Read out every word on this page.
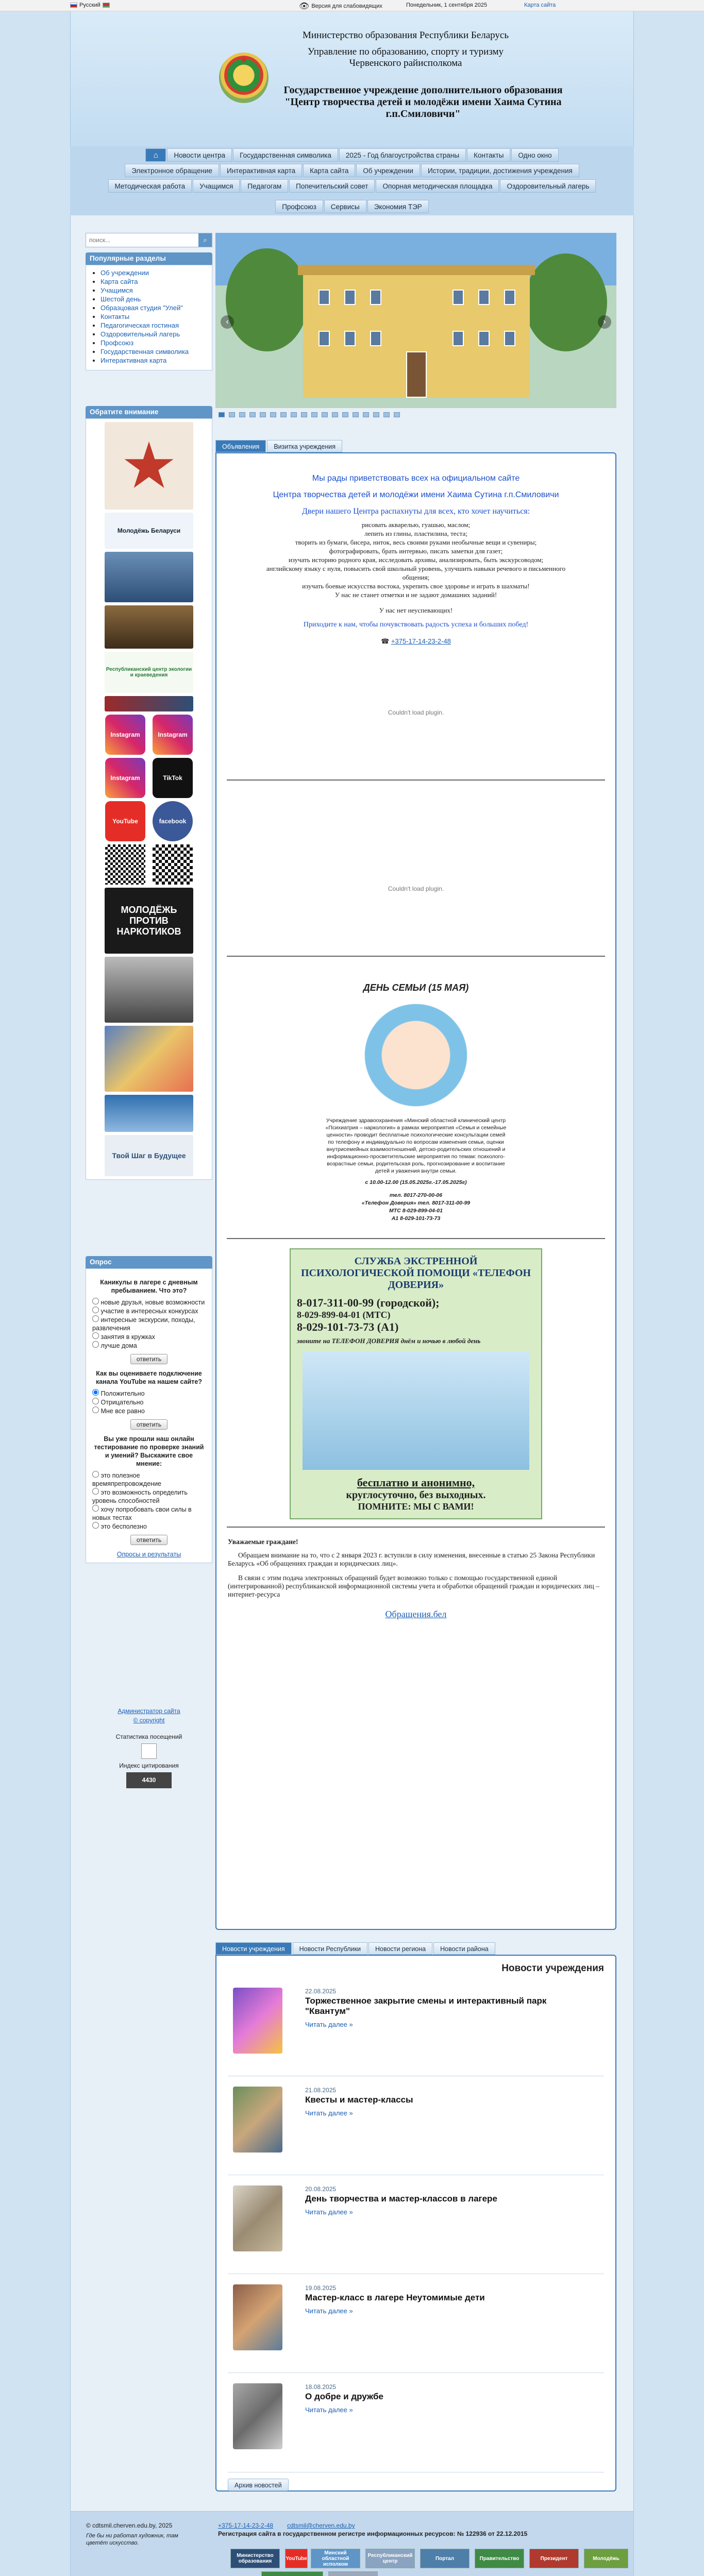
Русский	👁 Версия для слабовидящих	Понедельник, 1 сентября 2025	Карта сайта
★
Министерство образования Республики Беларусь
Управление по образованию, спорту и туризму Червенского райисполкома
Государственное учреждение дополнительного образования "Центр творчества детей и молодёжи имени Хаима Сутина г.п.Смиловичи"
⌂	Новости центра	Государственная символика	2025 - Год благоустройства страны	Контакты	Одно окно
Электронное обращение	Интерактивная карта	Карта сайта	Об учреждении	Истории, традиции, достижения учреждения
Методическая работа	Учащимся	Педагогам	Попечительский совет	Опорная методическая площадка	Оздоровительный лагерь
Профсоюз	Сервисы	Экономия ТЭР
поиск...
⌕
Популярные разделы
• Об учреждении
• Карта сайта
• Учащимся
• Шестой день
• Образцовая студия "Улей"
• Контакты
• Педагогическая гостиная
• Оздоровительный лагерь
• Профсоюз
• Государственная символика
• Интерактивная карта
Обратите внимание
★
Молодёжь Беларуси
Республиканский центр экологии и краеведения
Instagram	Instagram
Instagram	TikTok
YouTube	facebook
МОЛОДЁЖЬ ПРОТИВ НАРКОТИКОВ
Твой Шаг в Будущее
Опрос
Каникулы в лагере с дневным пребыванием. Что это?
новые друзья, новые возможности
участие в интересных конкурсах
интересные экскурсии, походы, развлечения
занятия в кружках
лучше дома
ответить
Как вы оцениваете подключение канала YouTube на нашем сайте?
Положительно
Отрицательно
Мне все равно
ответить
Вы уже прошли наш онлайн тестирование по проверке знаний и умений? Выскажите свое мнение:
это полезное времяпрепровождение
это возможность определить уровень способностей
хочу попробовать свои силы в новых тестах
это бесполезно
ответить
Опросы и результаты
Администратор сайта
© copyright
Статистика посещений
Индекс цитирования
4430
‹	›
Объявления	Визитка учреждения
Мы рады приветствовать всех на официальном сайте
Центра творчества детей и молодёжи имени Хаима Сутина г.п.Смиловичи
Двери нашего Центра распахнуты для всех, кто хочет научиться:
рисовать акварелью, гуашью, маслом;
лепить из глины, пластилина, теста;
творить из бумаги, бисера, ниток, весь своими руками необычные вещи и сувениры;
фотографировать, брать интервью, писать заметки для газет;
изучать историю родного края, исследовать архивы, анализировать, быть экскурсоводом;
английскому языку с нуля, повысить свой школьный уровень, улучшить навыки речевого и письменного общения;
изучать боевые искусства востока, укрепить свое здоровье и играть в шахматы!
У нас не станет отметки и не задают домашних заданий!
У нас нет неуспевающих!
Приходите к нам, чтобы почувствовать радость успеха и больших побед!
☎ +375-17-14-23-2-48
Couldn't load plugin.
Couldn't load plugin.
ДЕНЬ СЕМЬИ (15 МАЯ)
Учреждение здравоохранения «Минский областной клинический центр «Психиатрия – наркология» в рамках мероприятия «Семья и семейные ценности» проводит бесплатные психологические консультации семей по телефону и индивидуально по вопросам изменения семьи, оценки внутрисемейных взаимоотношений, детско-родительских отношений и информационно-просветительские мероприятия по темам: психолого-возрастные семьи, родительская роль, прогнозирование и воспитание детей и уважения внутри семьи.
с 10.00-12.00 (15.05.2025г.-17.05.2025г)
тел. 8017-270-00-06
«Телефон Доверия» тел. 8017-311-00-99
МТС 8-029-899-04-01
А1 8-029-101-73-73
СЛУЖБА ЭКСТРЕННОЙ ПСИХОЛОГИЧЕСКОЙ ПОМОЩИ «ТЕЛЕФОН ДОВЕРИЯ»
8-017-311-00-99 (городской);
8-029-899-04-01 (МТС)
8-029-101-73-73 (А1)
звоните на ТЕЛЕФОН ДОВЕРИЯ днём и ночью в любой день
бесплатно и анонимно,
круглосуточно, без выходных.
ПОМНИТЕ: МЫ С ВАМИ!
Уважаемые граждане!
Обращаем внимание на то, что с 2 января 2023 г. вступили в силу изменения, внесенные в статью 25 Закона Республики Беларусь «Об обращениях граждан и юридических лиц».
В связи с этим подача электронных обращений будет возможно только с помощью государственной единой (интегрированной) республиканской информационной системы учета и обработки обращений граждан и юридических лиц – интернет-ресурса
Обращения.бел
Новости учреждения	Новости Республики	Новости региона	Новости района
Новости учреждения
22.08.2025
Торжественное закрытие смены и интерактивный парк "Квантум"
Читать далее »
21.08.2025
Квесты и мастер-классы
Читать далее »
20.08.2025
День творчества и мастер-классов в лагере
Читать далее »
19.08.2025
Мастер-класс в лагере Неутомимые дети
Читать далее »
18.08.2025
О добре и дружбе
Читать далее »
Архив новостей
© cdtsmil.cherven.edu.by, 2025
Где бы ни работал художник, там цветёт искусство.
+375-17-14-23-2-48 cdtsmil@cherven.edu.by
Регистрация сайта в государственном регистре информационных ресурсов: № 122936 от 22.12.2015
Министерство образования	YouTube
Минский областной исполком
Республиканский центр	Портал	Правительство	Президент	Молодёжь
